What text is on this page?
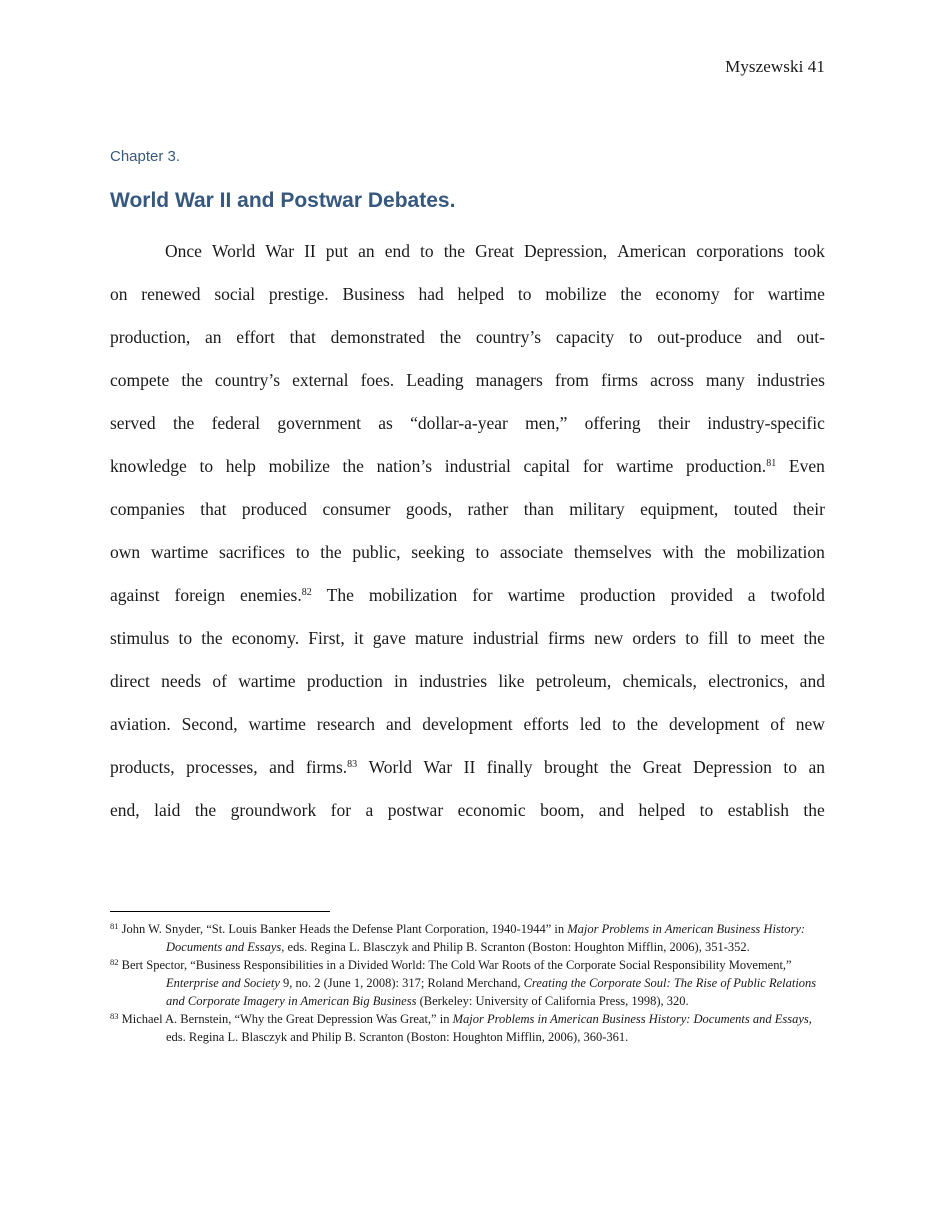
Myszewski 41
Chapter 3.
World War II and Postwar Debates.
Once World War II put an end to the Great Depression, American corporations took
on renewed social prestige. Business had helped to mobilize the economy for wartime
production, an effort that demonstrated the country’s capacity to out-produce and out-
compete the country’s external foes. Leading managers from firms across many industries
served the federal government as “dollar-a-year men,” offering their industry-specific
knowledge to help mobilize the nation’s industrial capital for wartime production.$^{81}$ Even
companies that produced consumer goods, rather than military equipment, touted their
own wartime sacrifices to the public, seeking to associate themselves with the mobilization
against foreign enemies.$^{82}$ The mobilization for wartime production provided a twofold
stimulus to the economy. First, it gave mature industrial firms new orders to fill to meet the
direct needs of wartime production in industries like petroleum, chemicals, electronics, and
aviation. Second, wartime research and development efforts led to the development of new
products, processes, and firms.$^{83}$ World War II finally brought the Great Depression to an
end, laid the groundwork for a postwar economic boom, and helped to establish the
$^{81}$ John W. Snyder, “St. Louis Banker Heads the Defense Plant Corporation, 1940-1944” in Major Problems in American Business History: Documents and Essays, eds. Regina L. Blasczyk and Philip B. Scranton (Boston: Houghton Mifflin, 2006), 351-352.
$^{82}$ Bert Spector, “Business Responsibilities in a Divided World: The Cold War Roots of the Corporate Social Responsibility Movement,” Enterprise and Society 9, no. 2 (June 1, 2008): 317; Roland Merchand, Creating the Corporate Soul: The Rise of Public Relations and Corporate Imagery in American Big Business (Berkeley: University of California Press, 1998), 320.
$^{83}$ Michael A. Bernstein, “Why the Great Depression Was Great,” in Major Problems in American Business History: Documents and Essays, eds. Regina L. Blasczyk and Philip B. Scranton (Boston: Houghton Mifflin, 2006), 360-361.
